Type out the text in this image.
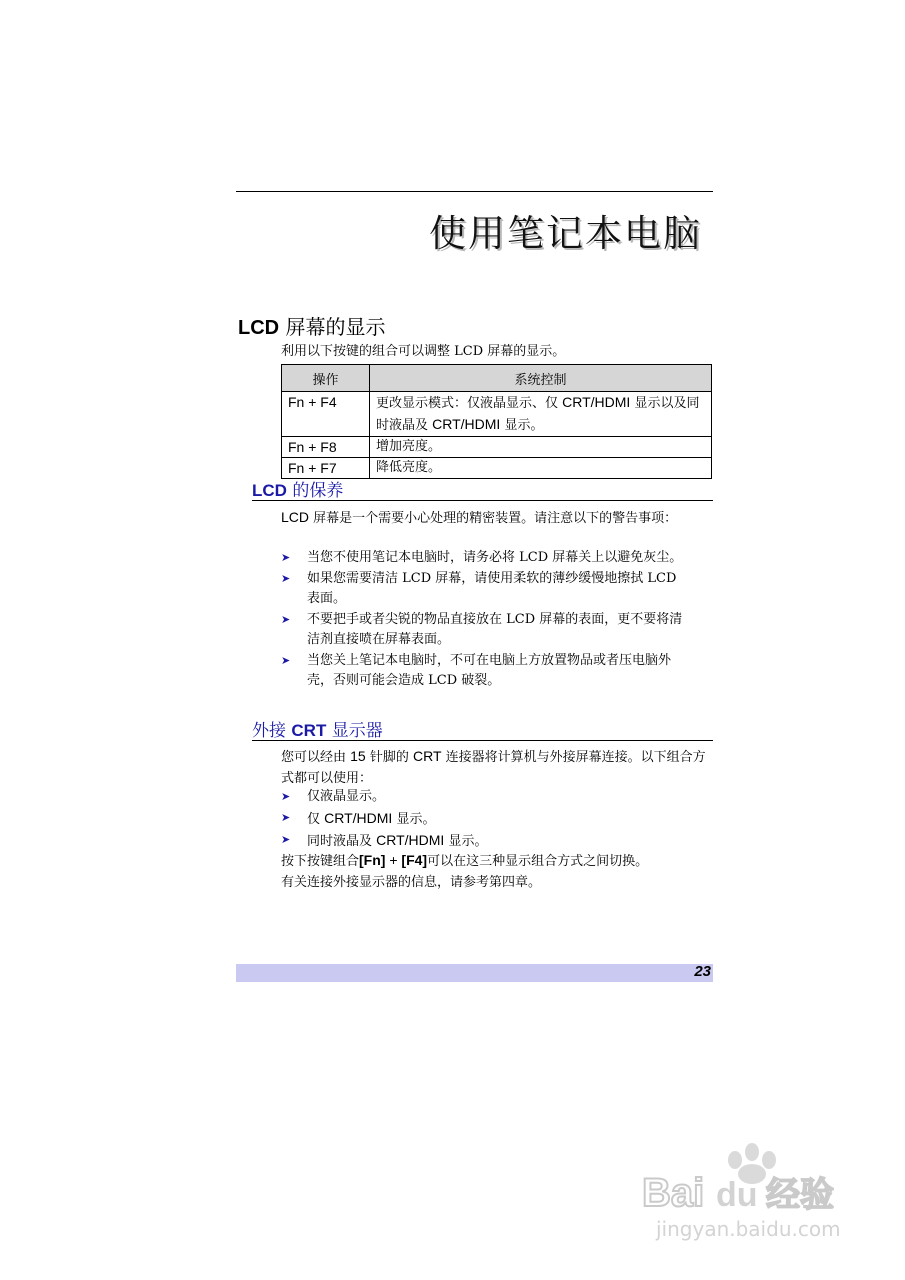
使用笔记本电脑
LCD 屏幕的显示
利用以下按键的组合可以调整 LCD 屏幕的显示。
操作	系统控制
Fn + F4	更改显示模式：仅液晶显示、仅 CRT/HDMI 显示以及同时液晶及 CRT/HDMI 显示。
Fn + F8	增加亮度。
Fn + F7	降低亮度。
LCD 的保养
LCD 屏幕是一个需要小心处理的精密装置。请注意以下的警告事项：
➤ 当您不使用笔记本电脑时，请务必将 LCD 屏幕关上以避免灰尘。
➤ 如果您需要清洁 LCD 屏幕，请使用柔软的薄纱缓慢地擦拭 LCD 表面。
➤ 不要把手或者尖锐的物品直接放在 LCD 屏幕的表面，更不要将清洁剂直接喷在屏幕表面。
➤ 当您关上笔记本电脑时，不可在电脑上方放置物品或者压电脑外壳，否则可能会造成 LCD 破裂。
外接 CRT 显示器
您可以经由 15 针脚的 CRT 连接器将计算机与外接屏幕连接。以下组合方式都可以使用：
➤ 仅液晶显示。
➤ 仅 CRT/HDMI 显示。
➤ 同时液晶及 CRT/HDMI 显示。
按下按键组合[Fn] + [F4]可以在这三种显示组合方式之间切换。
有关连接外接显示器的信息，请参考第四章。
23
Bai du 经验
jingyan.baidu.com
